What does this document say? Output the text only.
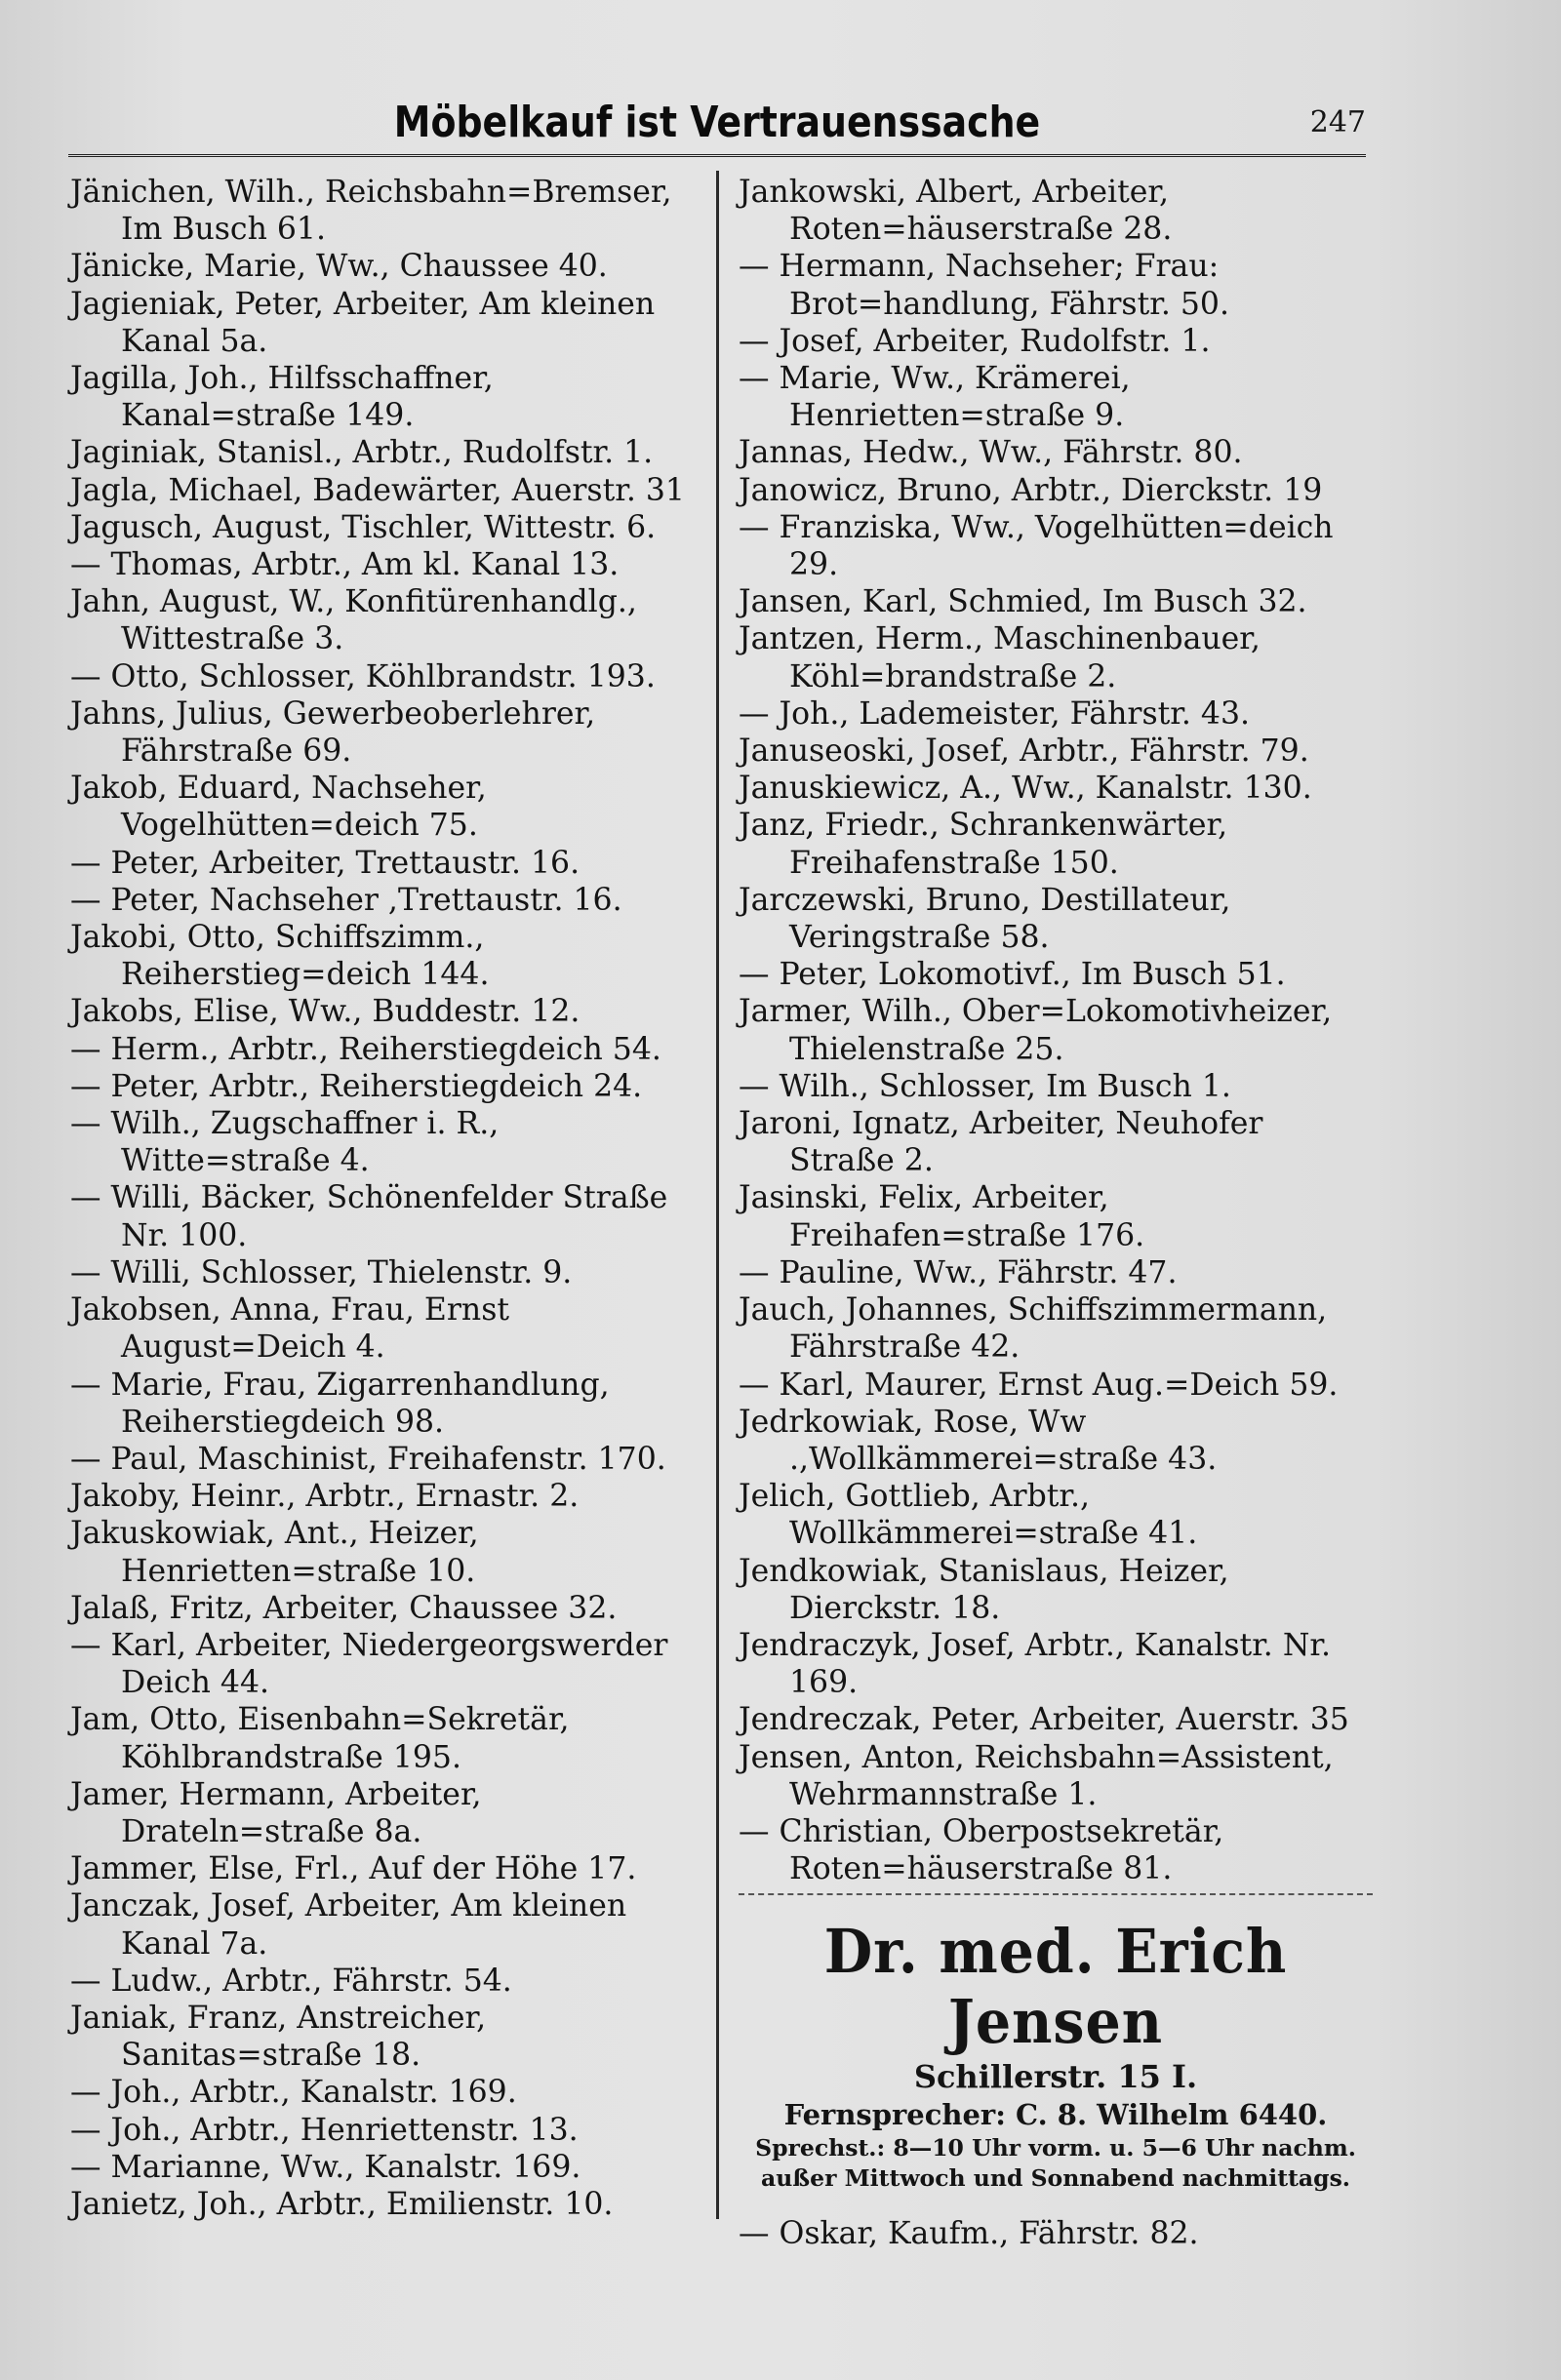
Möbelkauf ist Vertrauenssache	247
Jänichen, Wilh., Reichsbahn=Bremser, Im Busch 61.
Jänicke, Marie, Ww., Chaussee 40.
Jagieniak, Peter, Arbeiter, Am kleinen Kanal 5a.
Jagilla, Joh., Hilfsschaffner, Kanal=straße 149.
Jaginiak, Stanisl., Arbtr., Rudolfstr. 1.
Jagla, Michael, Badewärter, Auerstr. 31
Jagusch, August, Tischler, Wittestr. 6.
— Thomas, Arbtr., Am kl. Kanal 13.
Jahn, August, W., Konfitürenhandlg., Wittestraße 3.
— Otto, Schlosser, Köhlbrandstr. 193.
Jahns, Julius, Gewerbeoberlehrer, Fährstraße 69.
Jakob, Eduard, Nachseher, Vogelhütten=deich 75.
— Peter, Arbeiter, Trettaustr. 16.
— Peter, Nachseher ,Trettaustr. 16.
Jakobi, Otto, Schiffszimm., Reiherstieg=deich 144.
Jakobs, Elise, Ww., Buddestr. 12.
— Herm., Arbtr., Reiherstiegdeich 54.
— Peter, Arbtr., Reiherstiegdeich 24.
— Wilh., Zugschaffner i. R., Witte=straße 4.
— Willi, Bäcker, Schönenfelder Straße Nr. 100.
— Willi, Schlosser, Thielenstr. 9.
Jakobsen, Anna, Frau, Ernst August=Deich 4.
— Marie, Frau, Zigarrenhandlung, Reiherstiegdeich 98.
— Paul, Maschinist, Freihafenstr. 170.
Jakoby, Heinr., Arbtr., Ernastr. 2.
Jakuskowiak, Ant., Heizer, Henrietten=straße 10.
Jalaß, Fritz, Arbeiter, Chaussee 32.
— Karl, Arbeiter, Niedergeorgswerder Deich 44.
Jam, Otto, Eisenbahn=Sekretär, Köhlbrandstraße 195.
Jamer, Hermann, Arbeiter, Drateln=straße 8a.
Jammer, Else, Frl., Auf der Höhe 17.
Janczak, Josef, Arbeiter, Am kleinen Kanal 7a.
— Ludw., Arbtr., Fährstr. 54.
Janiak, Franz, Anstreicher, Sanitas=straße 18.
— Joh., Arbtr., Kanalstr. 169.
— Joh., Arbtr., Henriettenstr. 13.
— Marianne, Ww., Kanalstr. 169.
Janietz, Joh., Arbtr., Emilienstr. 10.
Jankowski, Albert, Arbeiter, Roten=häuserstraße 28.
— Hermann, Nachseher; Frau: Brot=handlung, Fährstr. 50.
— Josef, Arbeiter, Rudolfstr. 1.
— Marie, Ww., Krämerei, Henrietten=straße 9.
Jannas, Hedw., Ww., Fährstr. 80.
Janowicz, Bruno, Arbtr., Dierckstr. 19
— Franziska, Ww., Vogelhütten=deich 29.
Jansen, Karl, Schmied, Im Busch 32.
Jantzen, Herm., Maschinenbauer, Köhl=brandstraße 2.
— Joh., Lademeister, Fährstr. 43.
Januseoski, Josef, Arbtr., Fährstr. 79.
Januskiewicz, A., Ww., Kanalstr. 130.
Janz, Friedr., Schrankenwärter, Freihafenstraße 150.
Jarczewski, Bruno, Destillateur, Veringstraße 58.
— Peter, Lokomotivf., Im Busch 51.
Jarmer, Wilh., Ober=Lokomotivheizer, Thielenstraße 25.
— Wilh., Schlosser, Im Busch 1.
Jaroni, Ignatz, Arbeiter, Neuhofer Straße 2.
Jasinski, Felix, Arbeiter, Freihafen=straße 176.
— Pauline, Ww., Fährstr. 47.
Jauch, Johannes, Schiffszimmermann, Fährstraße 42.
— Karl, Maurer, Ernst Aug.=Deich 59.
Jedrkowiak, Rose, Ww .,Wollkämmerei=straße 43.
Jelich, Gottlieb, Arbtr., Wollkämmerei=straße 41.
Jendkowiak, Stanislaus, Heizer, Dierckstr. 18.
Jendraczyk, Josef, Arbtr., Kanalstr. Nr. 169.
Jendreczak, Peter, Arbeiter, Auerstr. 35
Jensen, Anton, Reichsbahn=Assistent, Wehrmannstraße 1.
— Christian, Oberpostsekretär, Roten=häuserstraße 81.
Dr. med. Erich Jensen
Schillerstr. 15 I.
Fernsprecher: C. 8. Wilhelm 6440.
Sprechst.: 8—10 Uhr vorm. u. 5—6 Uhr nachm.
außer Mittwoch und Sonnabend nachmittags.
— Oskar, Kaufm., Fährstr. 82.
